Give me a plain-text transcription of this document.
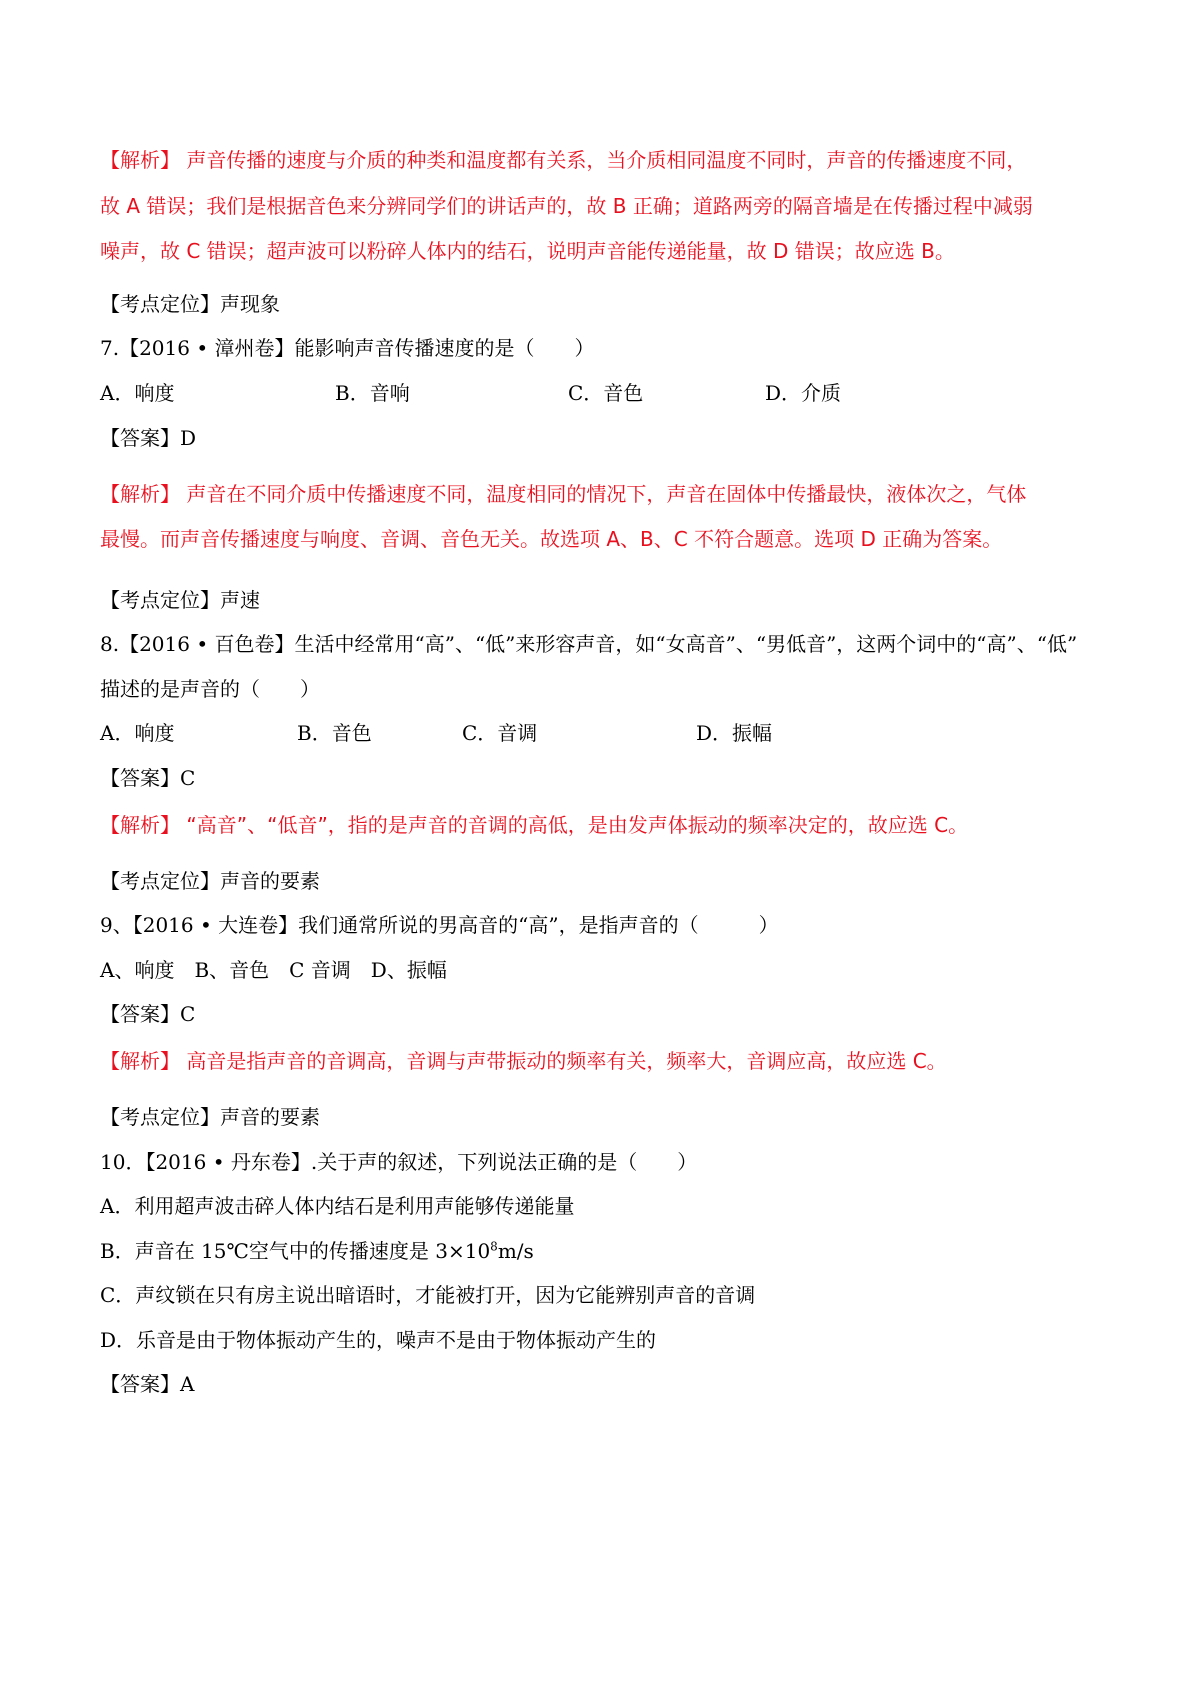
【解析】 声音传播的速度与介质的种类和温度都有关系，当介质相同温度不同时，声音的传播速度不同，
故 A 错误；我们是根据音色来分辨同学们的讲话声的，故 B 正确；道路两旁的隔音墙是在传播过程中减弱
噪声，故 C 错误；超声波可以粉碎人体内的结石，说明声音能传递能量，故 D 错误；故应选 B。
【考点定位】声现象
7.【2016 • 漳州卷】能影响声音传播速度的是（　　）
A．响度	B．音响	C．音色	D．介质
【答案】D
【解析】 声音在不同介质中传播速度不同，温度相同的情况下，声音在固体中传播最快，液体次之，气体
最慢。而声音传播速度与响度、音调、音色无关。故选项 A、B、C 不符合题意。选项 D 正确为答案。
【考点定位】声速
8.【2016 • 百色卷】生活中经常用“高”、“低”来形容声音，如“女高音”、“男低音”，这两个词中的“高”、“低”
描述的是声音的（　　）
A．响度	B．音色	C．音调	D．振幅
【答案】C
【解析】 “高音”、“低音”，指的是声音的音调的高低，是由发声体振动的频率决定的，故应选 C。
【考点定位】声音的要素
9、【2016 • 大连卷】我们通常所说的男高音的“高”，是指声音的（　　　）
A、响度　B、音色　C 音调　D、振幅
【答案】C
【解析】 高音是指声音的音调高，音调与声带振动的频率有关，频率大，音调应高，故应选 C。
【考点定位】声音的要素
10．【2016 • 丹东卷】.关于声的叙述，下列说法正确的是（　　）
A．利用超声波击碎人体内结石是利用声能够传递能量
B．声音在 15℃空气中的传播速度是 $3\times 10^8m/s$
C．声纹锁在只有房主说出暗语时，才能被打开，因为它能辨别声音的音调
D．乐音是由于物体振动产生的，噪声不是由于物体振动产生的
【答案】A
